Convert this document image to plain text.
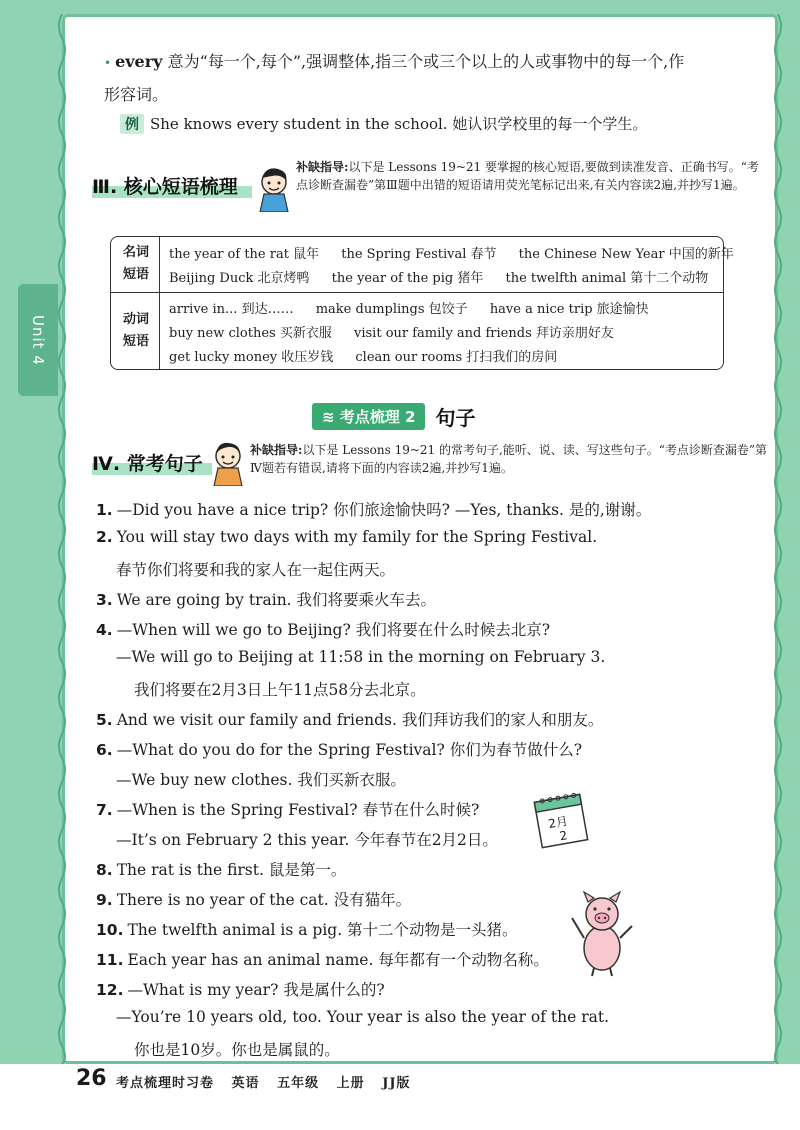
Unit 4
• every 意为“每一个,每个”,强调整体,指三个或三个以上的人或事物中的每一个,作
形容词。
例 She knows every student in the school. 她认识学校里的每一个学生。
Ⅲ. 核心短语梳理
补缺指导:以下是 Lessons 19~21 要掌握的核心短语,要做到读准发音、正确书写。“考点诊断查漏卷”第Ⅲ题中出错的短语请用荧光笔标记出来,有关内容读2遍,并抄写1遍。
名词
短语
动词
短语
the year of the rat 鼠年 the Spring Festival 春节 the Chinese New Year 中国的新年
Beijing Duck 北京烤鸭 the year of the pig 猪年 the twelfth animal 第十二个动物
arrive in... 到达…… make dumplings 包饺子 have a nice trip 旅途愉快
buy new clothes 买新衣服 visit our family and friends 拜访亲朋好友
get lucky money 收压岁钱 clean our rooms 打扫我们的房间
≋ 考点梳理 2	句子
Ⅳ. 常考句子
补缺指导:以下是 Lessons 19~21 的常考句子,能听、说、读、写这些句子。“考点诊断查漏卷”第Ⅳ题若有错误,请将下面的内容读2遍,并抄写1遍。
1. —Did you have a nice trip? 你们旅途愉快吗? —Yes, thanks. 是的,谢谢。
2. You will stay two days with my family for the Spring Festival.
春节你们将要和我的家人在一起住两天。
3. We are going by train. 我们将要乘火车去。
4. —When will we go to Beijing? 我们将要在什么时候去北京?
—We will go to Beijing at 11:58 in the morning on February 3.
我们将要在2月3日上午11点58分去北京。
5. And we visit our family and friends. 我们拜访我们的家人和朋友。
6. —What do you do for the Spring Festival? 你们为春节做什么?
—We buy new clothes. 我们买新衣服。
7. —When is the Spring Festival? 春节在什么时候?
—It’s on February 2 this year. 今年春节在2月2日。
8. The rat is the first. 鼠是第一。
9. There is no year of the cat. 没有猫年。
10. The twelfth animal is a pig. 第十二个动物是一头猪。
11. Each year has an animal name. 每年都有一个动物名称。
12. —What is my year? 我是属什么的?
—You’re 10 years old, too. Your year is also the year of the rat.
你也是10岁。你也是属鼠的。
2月
2
26 考点梳理时习卷 英语 五年级 上册 JJ版
